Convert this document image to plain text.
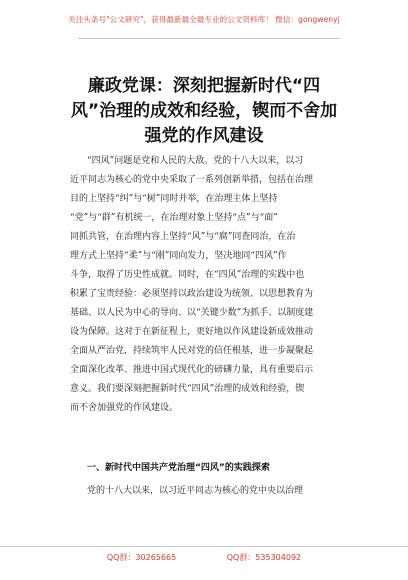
关注头条号"公文研究"，获得最新最全最专业的公文资料库！ 微信：gongwenyj
廉政党课：深刻把握新时代“四
风”治理的成效和经验，锲而不舍加
强党的作风建设
“四风”问题是党和人民的大敌。党的十八大以来，以习
近平同志为核心的党中央采取了一系列创新举措，包括在治理
目的上坚持“纠”与“树”同时并举，在治理主体上坚持
“党”与“群”有机统一，在治理对象上坚持“点”与“面”
同抓共管，在治理内容上坚持“风”与“腐”同查同治，在治
理方式上坚持“柔”与“刚”同向发力，坚决地同“四风”作
斗争，取得了历史性成就。同时，在“四风”治理的实践中也
积累了宝贵经验：必须坚持以政治建设为统领、以思想教育为
基础、以人民为中心的导向、以“关键少数”为抓手、以制度建
设为保障。这对于在新征程上，更好地以作风建设新成效推动
全面从严治党，持续筑牢人民对党的信任根基，进一步凝聚起
全面深化改革、推进中国式现代化的磅礴力量，具有重要启示
意义。我们要深刻把握新时代“四风”治理的成效和经验，锲
而不舍加强党的作风建设。
一、新时代中国共产党治理“四风”的实践探索
党的十八大以来，以习近平同志为核心的党中央以治理
QQ群：30265665	QQ群：535304092
